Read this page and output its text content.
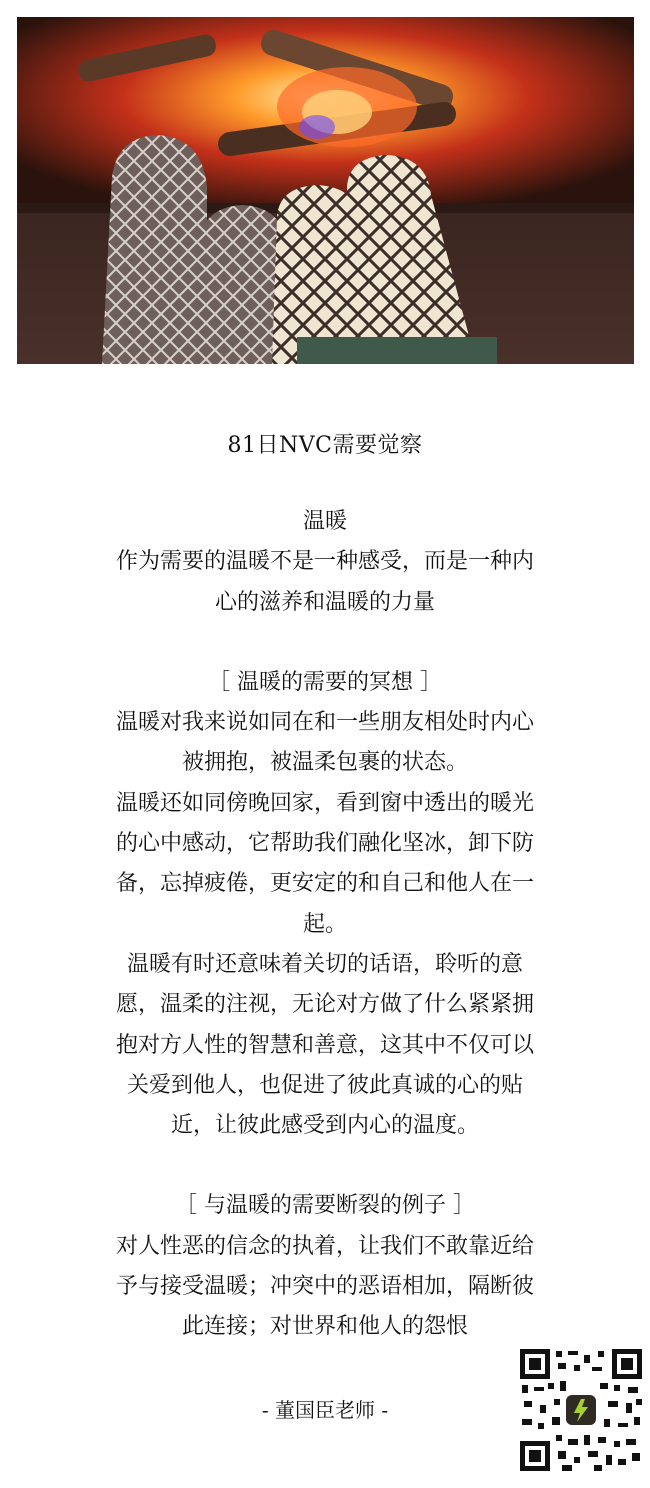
81日NVC需要觉察

温暖

作为需要的温暖不是一种感受，而是一种内

心的滋养和温暖的力量

［ 温暖的需要的冥想 ］

温暖对我来说如同在和一些朋友相处时内心

被拥抱，被温柔包裹的状态。

温暖还如同傍晚回家，看到窗中透出的暖光

的心中感动，它帮助我们融化坚冰，卸下防

备，忘掉疲倦，更安定的和自己和他人在一

起。

温暖有时还意味着关切的话语，聆听的意

愿，温柔的注视，无论对方做了什么紧紧拥

抱对方人性的智慧和善意，这其中不仅可以

关爱到他人，也促进了彼此真诚的心的贴

近，让彼此感受到内心的温度。

［ 与温暖的需要断裂的例子 ］

对人性恶的信念的执着，让我们不敢靠近给

予与接受温暖；冲突中的恶语相加，隔断彼

此连接；对世界和他人的怨恨

- 董国臣老师 -
